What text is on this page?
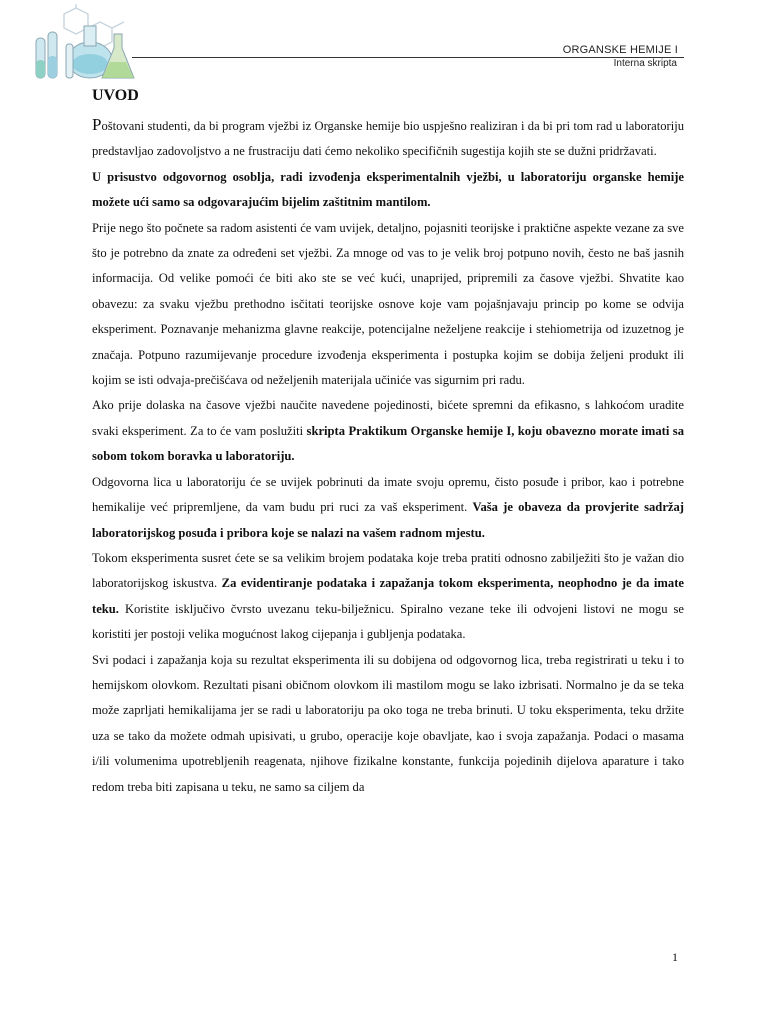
ORGANSKE HEMIJE I
Interna skripta
UVOD

Poštovani studenti, da bi program vježbi iz Organske hemije bio uspješno realiziran i da bi pri tom rad u laboratoriju predstavljao zadovoljstvo a ne frustraciju dati ćemo nekoliko specifičnih sugestija kojih ste se dužni pridržavati.

U prisustvo odgovornog osoblja, radi izvođenja eksperimentalnih vježbi, u laboratoriju organske hemije možete ući samo sa odgovarajućim bijelim zaštitnim mantilom.

Prije nego što počnete sa radom asistenti će vam uvijek, detaljno, pojasniti teorijske i praktične aspekte vezane za sve što je potrebno da znate za određeni set vježbi. Za mnoge od vas to je velik broj potpuno novih, često ne baš jasnih informacija. Od velike pomoći će biti ako ste se već kući, unaprijed, pripremili za časove vježbi. Shvatite kao obavezu: za svaku vježbu prethodno isčitati teorijske osnove koje vam pojašnjavaju princip po kome se odvija eksperiment. Poznavanje mehanizma glavne reakcije, potencijalne neželjene reakcije i stehiometrija od izuzetnog je značaja. Potpuno razumijevanje procedure izvođenja eksperimenta i postupka kojim se dobija željeni produkt ili kojim se isti odvaja-prečišćava od neželjenih materijala učiniće vas sigurnim pri radu.

Ako prije dolaska na časove vježbi naučite navedene pojedinosti, bićete spremni da efikasno, s lahkoćom uradite svaki eksperiment. Za to će vam poslužiti skripta Praktikum Organske hemije I, koju obavezno morate imati sa sobom tokom boravka u laboratoriju.

Odgovorna lica u laboratoriju će se uvijek pobrinuti da imate svoju opremu, čisto posuđe i pribor, kao i potrebne hemikalije već pripremljene, da vam budu pri ruci za vaš eksperiment. Vaša je obaveza da provjerite sadržaj laboratorijskog posuđa i pribora koje se nalazi na vašem radnom mjestu.

Tokom eksperimenta susret ćete se sa velikim brojem podataka koje treba pratiti odnosno zabilježiti što je važan dio laboratorijskog iskustva. Za evidentiranje podataka i zapažanja tokom eksperimenta, neophodno je da imate teku. Koristite isključivo čvrsto uvezanu teku-bilježnicu. Spiralno vezane teke ili odvojeni listovi ne mogu se koristiti jer postoji velika mogućnost lakog cijepanja i gubljenja podataka.

Svi podaci i zapažanja koja su rezultat eksperimenta ili su dobijena od odgovornog lica, treba registrirati u teku i to hemijskom olovkom. Rezultati pisani običnom olovkom ili mastilom mogu se lako izbrisati. Normalno je da se teka može zaprljati hemikalijama jer se radi u laboratoriju pa oko toga ne treba brinuti. U toku eksperimenta, teku držite uza se tako da možete odmah upisivati, u grubo, operacije koje obavljate, kao i svoja zapažanja. Podaci o masama i/ili volumenima upotrebljenih reagenata, njihove fizikalne konstante, funkcija pojedinih dijelova aparature i tako redom treba biti zapisana u teku, ne samo sa ciljem da

1
